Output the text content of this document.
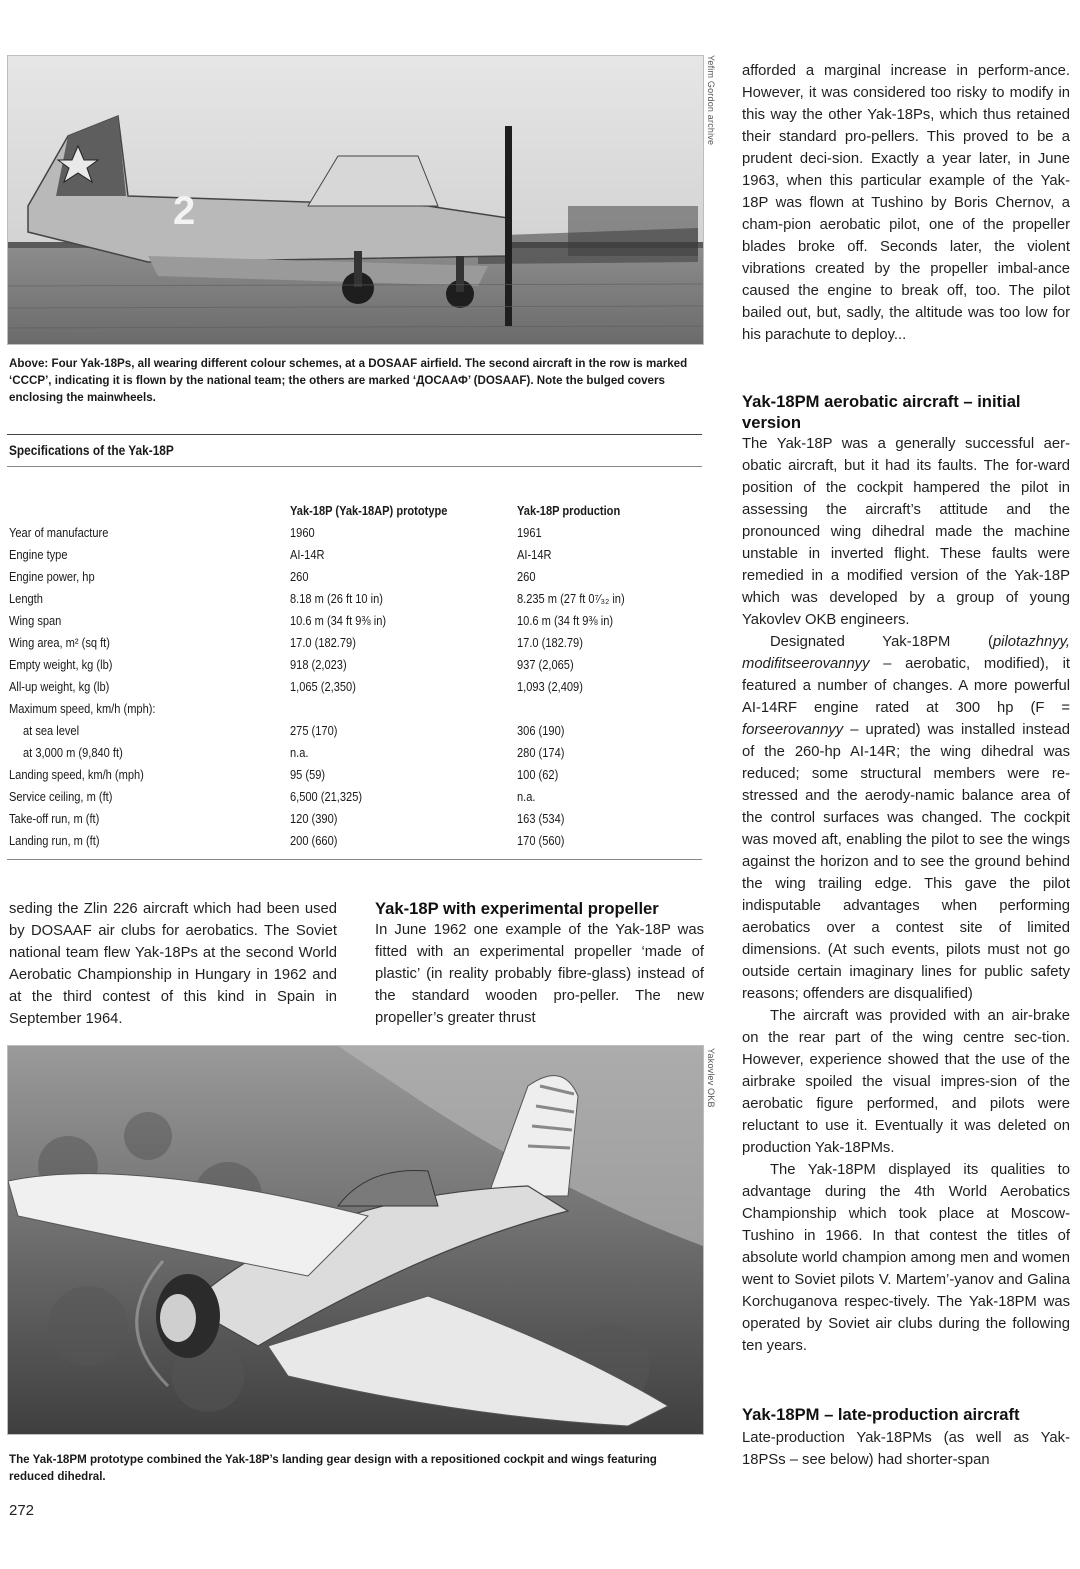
2
Yefim Gordon archive
Above: Four Yak-18Ps, all wearing different colour schemes, at a DOSAAF airfield. The second aircraft in the row is marked ‘CCCP’, indicating it is flown by the national team; the others are marked ‘ДОСААФ’ (DOSAAF). Note the bulged covers enclosing the mainwheels.
Specifications of the Yak-18P
	Yak-18P (Yak-18AP) prototype	Yak-18P production
Year of manufacture	1960	1961
Engine type	AI-14R	AI-14R
Engine power, hp	260	260
Length	8.18 m (26 ft 10 in)	8.235 m (27 ft 0⁷⁄₃₂ in)
Wing span	10.6 m (34 ft 9⅜ in)	10.6 m (34 ft 9⅜ in)
Wing area, m² (sq ft)	17.0 (182.79)	17.0 (182.79)
Empty weight, kg (lb)	918 (2,023)	937 (2,065)
All-up weight, kg (lb)	1,065 (2,350)	1,093 (2,409)
Maximum speed, km/h (mph):		
at sea level	275 (170)	306 (190)
at 3,000 m (9,840 ft)	n.a.	280 (174)
Landing speed, km/h (mph)	95 (59)	100 (62)
Service ceiling, m (ft)	6,500 (21,325)	n.a.
Take-off run, m (ft)	120 (390)	163 (534)
Landing run, m (ft)	200 (660)	170 (560)

seding the Zlin 226 aircraft which had been used by DOSAAF air clubs for aerobatics. The Soviet national team flew Yak-18Ps at the second World Aerobatic Championship in Hungary in 1962 and at the third contest of this kind in Spain in September 1964.

Yak-18P with experimental propeller

In June 1962 one example of the Yak-18P was fitted with an experimental propeller ‘made of plastic’ (in reality probably fibre-glass) instead of the standard wooden pro-peller. The new propeller’s greater thrust

Yakovlev OKB
The Yak-18PM prototype combined the Yak-18P’s landing gear design with a repositioned cockpit and wings featuring reduced dihedral.
272

afforded a marginal increase in perform-ance. However, it was considered too risky to modify in this way the other Yak-18Ps, which thus retained their standard pro-pellers. This proved to be a prudent deci-sion. Exactly a year later, in June 1963, when this particular example of the Yak-18P was flown at Tushino by Boris Chernov, a cham-pion aerobatic pilot, one of the propeller blades broke off. Seconds later, the violent vibrations created by the propeller imbal-ance caused the engine to break off, too. The pilot bailed out, but, sadly, the altitude was too low for his parachute to deploy...

Yak-18PM aerobatic aircraft – initial version

The Yak-18P was a generally successful aer-obatic aircraft, but it had its faults. The for-ward position of the cockpit hampered the pilot in assessing the aircraft’s attitude and the pronounced wing dihedral made the machine unstable in inverted flight. These faults were remedied in a modified version of the Yak-18P which was developed by a group of young Yakovlev OKB engineers.

Designated Yak-18PM (pilotazhnyy, modifitseerovannyy – aerobatic, modified), it featured a number of changes. A more powerful AI-14RF engine rated at 300 hp (F = forseerovannyy – uprated) was installed instead of the 260-hp AI-14R; the wing dihedral was reduced; some structural members were re-stressed and the aerody-namic balance area of the control surfaces was changed. The cockpit was moved aft, enabling the pilot to see the wings against the horizon and to see the ground behind the wing trailing edge. This gave the pilot indisputable advantages when performing aerobatics over a contest site of limited dimensions. (At such events, pilots must not go outside certain imaginary lines for public safety reasons; offenders are disqualified)

The aircraft was provided with an air-brake on the rear part of the wing centre sec-tion. However, experience showed that the use of the airbrake spoiled the visual impres-sion of the aerobatic figure performed, and pilots were reluctant to use it. Eventually it was deleted on production Yak-18PMs.

The Yak-18PM displayed its qualities to advantage during the 4th World Aerobatics Championship which took place at Moscow-Tushino in 1966. In that contest the titles of absolute world champion among men and women went to Soviet pilots V. Martem’-yanov and Galina Korchuganova respec-tively. The Yak-18PM was operated by Soviet air clubs during the following ten years.

Yak-18PM – late-production aircraft

Late-production Yak-18PMs (as well as Yak-18PSs – see below) had shorter-span
